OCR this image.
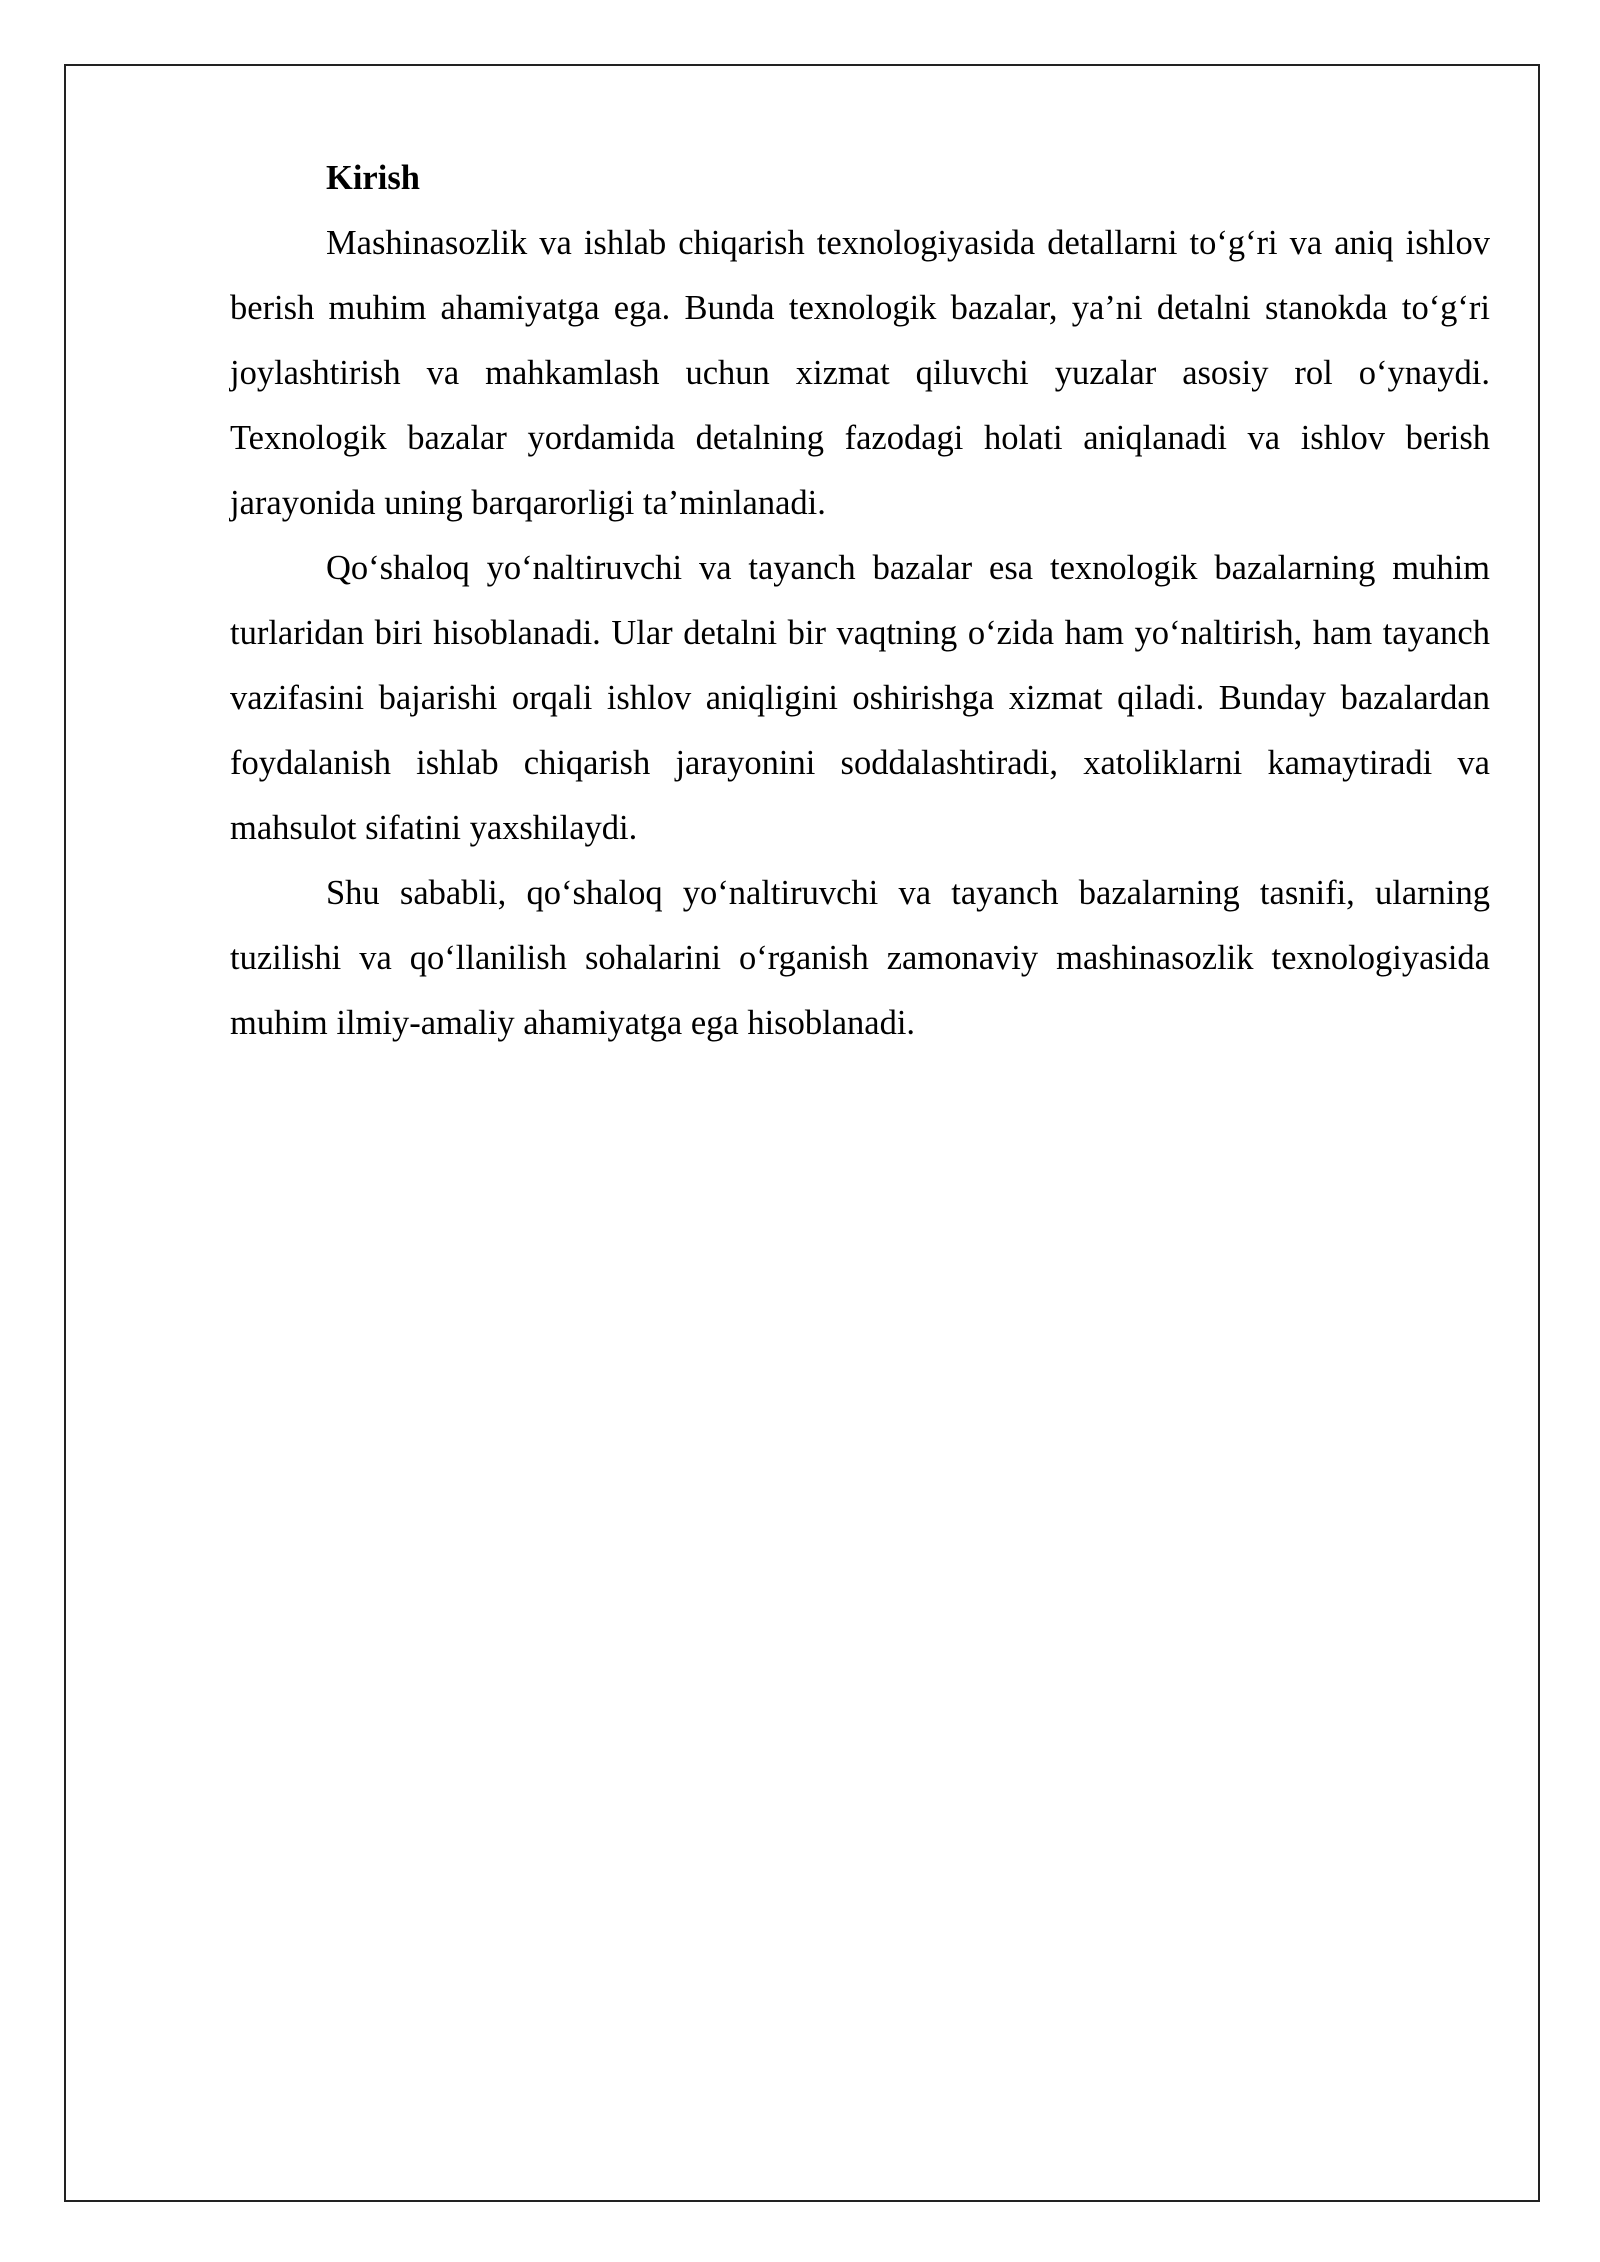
Kirish

Mashinasozlik va ishlab chiqarish texnologiyasida detallarni to‘g‘ri va aniq ishlov berish muhim ahamiyatga ega. Bunda texnologik bazalar, ya’ni detalni stanokda to‘g‘ri joylashtirish va mahkamlash uchun xizmat qiluvchi yuzalar asosiy rol o‘ynaydi. Texnologik bazalar yordamida detalning fazodagi holati aniqlanadi va ishlov berish jarayonida uning barqarorligi ta’minlanadi.

Qo‘shaloq yo‘naltiruvchi va tayanch bazalar esa texnologik bazalarning muhim turlaridan biri hisoblanadi. Ular detalni bir vaqtning o‘zida ham yo‘naltirish, ham tayanch vazifasini bajarishi orqali ishlov aniqligini oshirishga xizmat qiladi. Bunday bazalardan foydalanish ishlab chiqarish jarayonini soddalashtiradi, xatoliklarni kamaytiradi va mahsulot sifatini yaxshilaydi.

Shu sababli, qo‘shaloq yo‘naltiruvchi va tayanch bazalarning tasnifi, ularning tuzilishi va qo‘llanilish sohalarini o‘rganish zamonaviy mashinasozlik texnologiyasida muhim ilmiy-amaliy ahamiyatga ega hisoblanadi.
